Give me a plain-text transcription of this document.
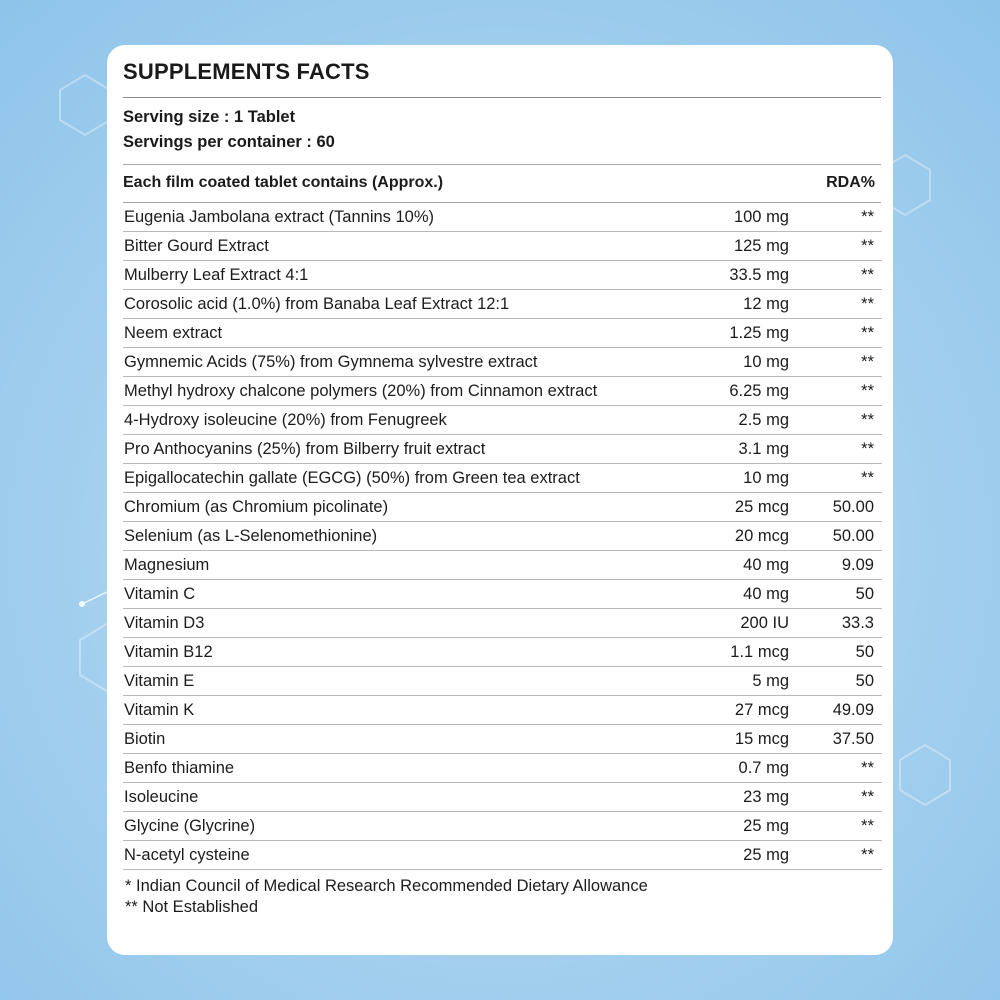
SUPPLEMENTS FACTS
Serving size : 1 Tablet
Servings per container : 60
Each film coated tablet contains (Approx.)	RDA%
Eugenia Jambolana extract (Tannins 10%)	100 mg	**
Bitter Gourd Extract	125 mg	**
Mulberry Leaf Extract 4:1	33.5 mg	**
Corosolic acid (1.0%) from Banaba Leaf Extract 12:1	12 mg	**
Neem extract	1.25 mg	**
Gymnemic Acids (75%) from Gymnema sylvestre extract	10 mg	**
Methyl hydroxy chalcone polymers (20%) from Cinnamon extract	6.25 mg	**
4-Hydroxy isoleucine (20%) from Fenugreek	2.5 mg	**
Pro Anthocyanins (25%) from Bilberry fruit extract	3.1 mg	**
Epigallocatechin gallate (EGCG) (50%) from Green tea extract	10 mg	**
Chromium (as Chromium picolinate)	25 mcg	50.00
Selenium (as L-Selenomethionine)	20 mcg	50.00
Magnesium	40 mg	9.09
Vitamin C	40 mg	50
Vitamin D3	200 IU	33.3
Vitamin B12	1.1 mcg	50
Vitamin E	5 mg	50
Vitamin K	27 mcg	49.09
Biotin	15 mcg	37.50
Benfo thiamine	0.7 mg	**
Isoleucine	23 mg	**
Glycine (Glycrine)	25 mg	**
N-acetyl cysteine	25 mg	**
* Indian Council of Medical Research Recommended Dietary Allowance
** Not Established
